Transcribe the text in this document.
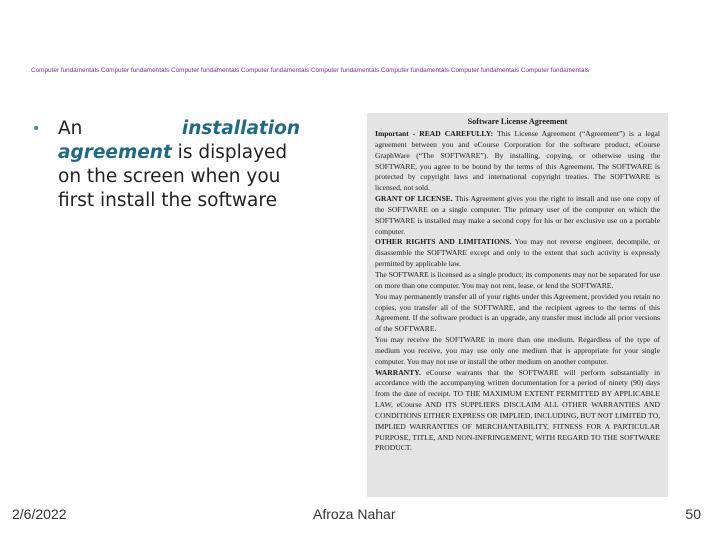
Computer fundamentals Computer fundamentals Computer fundamentals Computer fundamentals Computer fundamentals Computer fundamentals Computer fundamentals Computer fundamentals
• An	installation
agreement is displayed
on the screen when you
first install the software
Software License Agreement

Important - READ CAREFULLY: This License Agreement (“Agreement”) is a legal agreement between you and eCourse Corporation for the software product, eCourse GraphWare (“The SOFTWARE”). By installing, copying, or otherwise using the SOFTWARE, you agree to be bound by the terms of this Agreement. The SOFTWARE is protected by copyright laws and international copyright treaties. The SOFTWARE is licensed, not sold.

GRANT OF LICENSE. This Agreement gives you the right to install and use one copy of the SOFTWARE on a single computer. The primary user of the computer on which the SOFTWARE is installed may make a second copy for his or her exclusive use on a portable computer.

OTHER RIGHTS AND LIMITATIONS. You may not reverse engineer, decompile, or disassemble the SOFTWARE except and only to the extent that such activity is expressly permitted by applicable law.

The SOFTWARE is licensed as a single product; its components may not be separated for use on more than one computer. You may not rent, lease, or lend the SOFTWARE.

You may permanently transfer all of your rights under this Agreement, provided you retain no copies, you transfer all of the SOFTWARE, and the recipient agrees to the terms of this Agreement. If the software product is an upgrade, any transfer must include all prior versions of the SOFTWARE.

You may receive the SOFTWARE in more than one medium. Regardless of the type of medium you receive, you may use only one medium that is appropriate for your single computer. You may not use or install the other medium on another computer.

WARRANTY. eCourse warrants that the SOFTWARE will perform substantially in accordance with the accompanying written documentation for a period of ninety (90) days from the date of receipt. TO THE MAXIMUM EXTENT PERMITTED BY APPLICABLE LAW, eCourse AND ITS SUPPLIERS DISCLAIM ALL OTHER WARRANTIES AND CONDITIONS EITHER EXPRESS OR IMPLIED, INCLUDING, BUT NOT LIMITED TO, IMPLIED WARRANTIES OF MERCHANTABILITY, FITNESS FOR A PARTICULAR PURPOSE, TITLE, AND NON-INFRINGEMENT, WITH REGARD TO THE SOFTWARE PRODUCT.

2/6/2022	Afroza Nahar	50
